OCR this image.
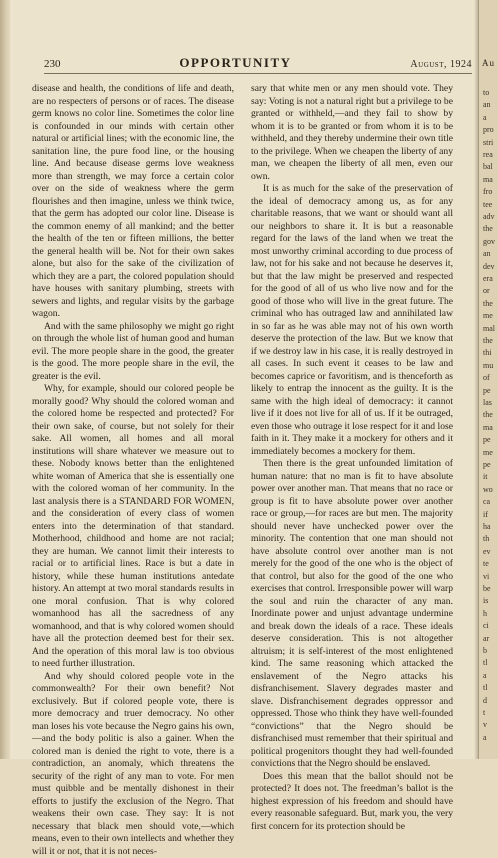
230	OPPORTUNITY	August, 1924

disease and health, the conditions of life and death, are no respecters of persons or of races. The disease germ knows no color line. Sometimes the color line is confounded in our minds with certain other natural or artificial lines; with the economic line, the sanitation line, the pure food line, or the housing line. And because disease germs love weakness more than strength, we may force a certain color over on the side of weakness where the germ flourishes and then imagine, unless we think twice, that the germ has adopted our color line. Disease is the common enemy of all mankind; and the better the health of the ten or fifteen millions, the better the general health will be. Not for their own sakes alone, but also for the sake of the civilization of which they are a part, the colored population should have houses with sanitary plumbing, streets with sewers and lights, and regular visits by the garbage wagon.

And with the same philosophy we might go right on through the whole list of human good and human evil. The more people share in the good, the greater is the good. The more people share in the evil, the greater is the evil.

Why, for example, should our colored people be morally good? Why should the colored woman and the colored home be respected and protected? For their own sake, of course, but not solely for their sake. All women, all homes and all moral institutions will share whatever we measure out to these. Nobody knows better than the enlightened white woman of America that she is essentially one with the colored woman of her community. In the last analysis there is a STANDARD FOR WOMEN, and the consideration of every class of women enters into the determination of that standard. Motherhood, childhood and home are not racial; they are human. We cannot limit their interests to racial or to artificial lines. Race is but a date in history, while these human institutions antedate history. An attempt at two moral standards results in one moral confusion. That is why colored womanhood has all the sacredness of any womanhood, and that is why colored women should have all the protection deemed best for their sex. And the operation of this moral law is too obvious to need further illustration.

And why should colored people vote in the commonwealth? For their own benefit? Not exclusively. But if colored people vote, there is more democracy and truer democracy. No other man loses his vote because the Negro gains his own,—and the body politic is also a gainer. When the colored man is denied the right to vote, there is a contradiction, an anomaly, which threatens the security of the right of any man to vote. For men must quibble and be mentally dishonest in their efforts to justify the exclusion of the Negro. That weakens their own case. They say: It is not necessary that black men should vote,—which means, even to their own intellects and whether they will it or not, that it is not neces-

sary that white men or any men should vote. They say: Voting is not a natural right but a privilege to be granted or withheld,—and they fail to show by whom it is to be granted or from whom it is to be withheld, and they thereby undermine their own title to the privilege. When we cheapen the liberty of any man, we cheapen the liberty of all men, even our own.

It is as much for the sake of the preservation of the ideal of democracy among us, as for any charitable reasons, that we want or should want all our neighbors to share it. It is but a reasonable regard for the laws of the land when we treat the most unworthy criminal according to due process of law, not for his sake and not because he deserves it, but that the law might be preserved and respected for the good of all of us who live now and for the good of those who will live in the great future. The criminal who has outraged law and annihilated law in so far as he was able may not of his own worth deserve the protection of the law. But we know that if we destroy law in his case, it is really destroyed in all cases. In such event it ceases to be law and becomes caprice or favoritism, and is thenceforth as likely to entrap the innocent as the guilty. It is the same with the high ideal of democracy: it cannot live if it does not live for all of us. If it be outraged, even those who outrage it lose respect for it and lose faith in it. They make it a mockery for others and it immediately becomes a mockery for them.

Then there is the great unfounded limitation of human nature: that no man is fit to have absolute power over another man. That means that no race or group is fit to have absolute power over another race or group,—for races are but men. The majority should never have unchecked power over the minority. The contention that one man should not have absolute control over another man is not merely for the good of the one who is the object of that control, but also for the good of the one who exercises that control. Irresponsible power will warp the soul and ruin the character of any man. Inordinate power and unjust advantage undermine and break down the ideals of a race. These ideals deserve consideration. This is not altogether altruism; it is self-interest of the most enlightened kind. The same reasoning which attacked the enslavement of the Negro attacks his disfranchisement. Slavery degrades master and slave. Disfranchisement degrades oppressor and oppressed. Those who think they have well-founded “convictions” that the Negro should be disfranchised must remember that their spiritual and political progenitors thought they had well-founded convictions that the Negro should be enslaved.

Does this mean that the ballot should not be protected? It does not. The freedman’s ballot is the highest expression of his freedom and should have every reasonable safeguard. But, mark you, the very first concern for its protection should be

Au
to
an
a
pro
stri
rea
bal
ma
fro
tee
adv
the
gov
an
dev
era
or
the
me
mal
the
thi
mu
of
pe
las
the
ma
pe
me
pe
it
wo
ca
if
ha
th
ev
te
vi
be
is
h
ci
ar
b
tl
a
tl
d
t
v
a
